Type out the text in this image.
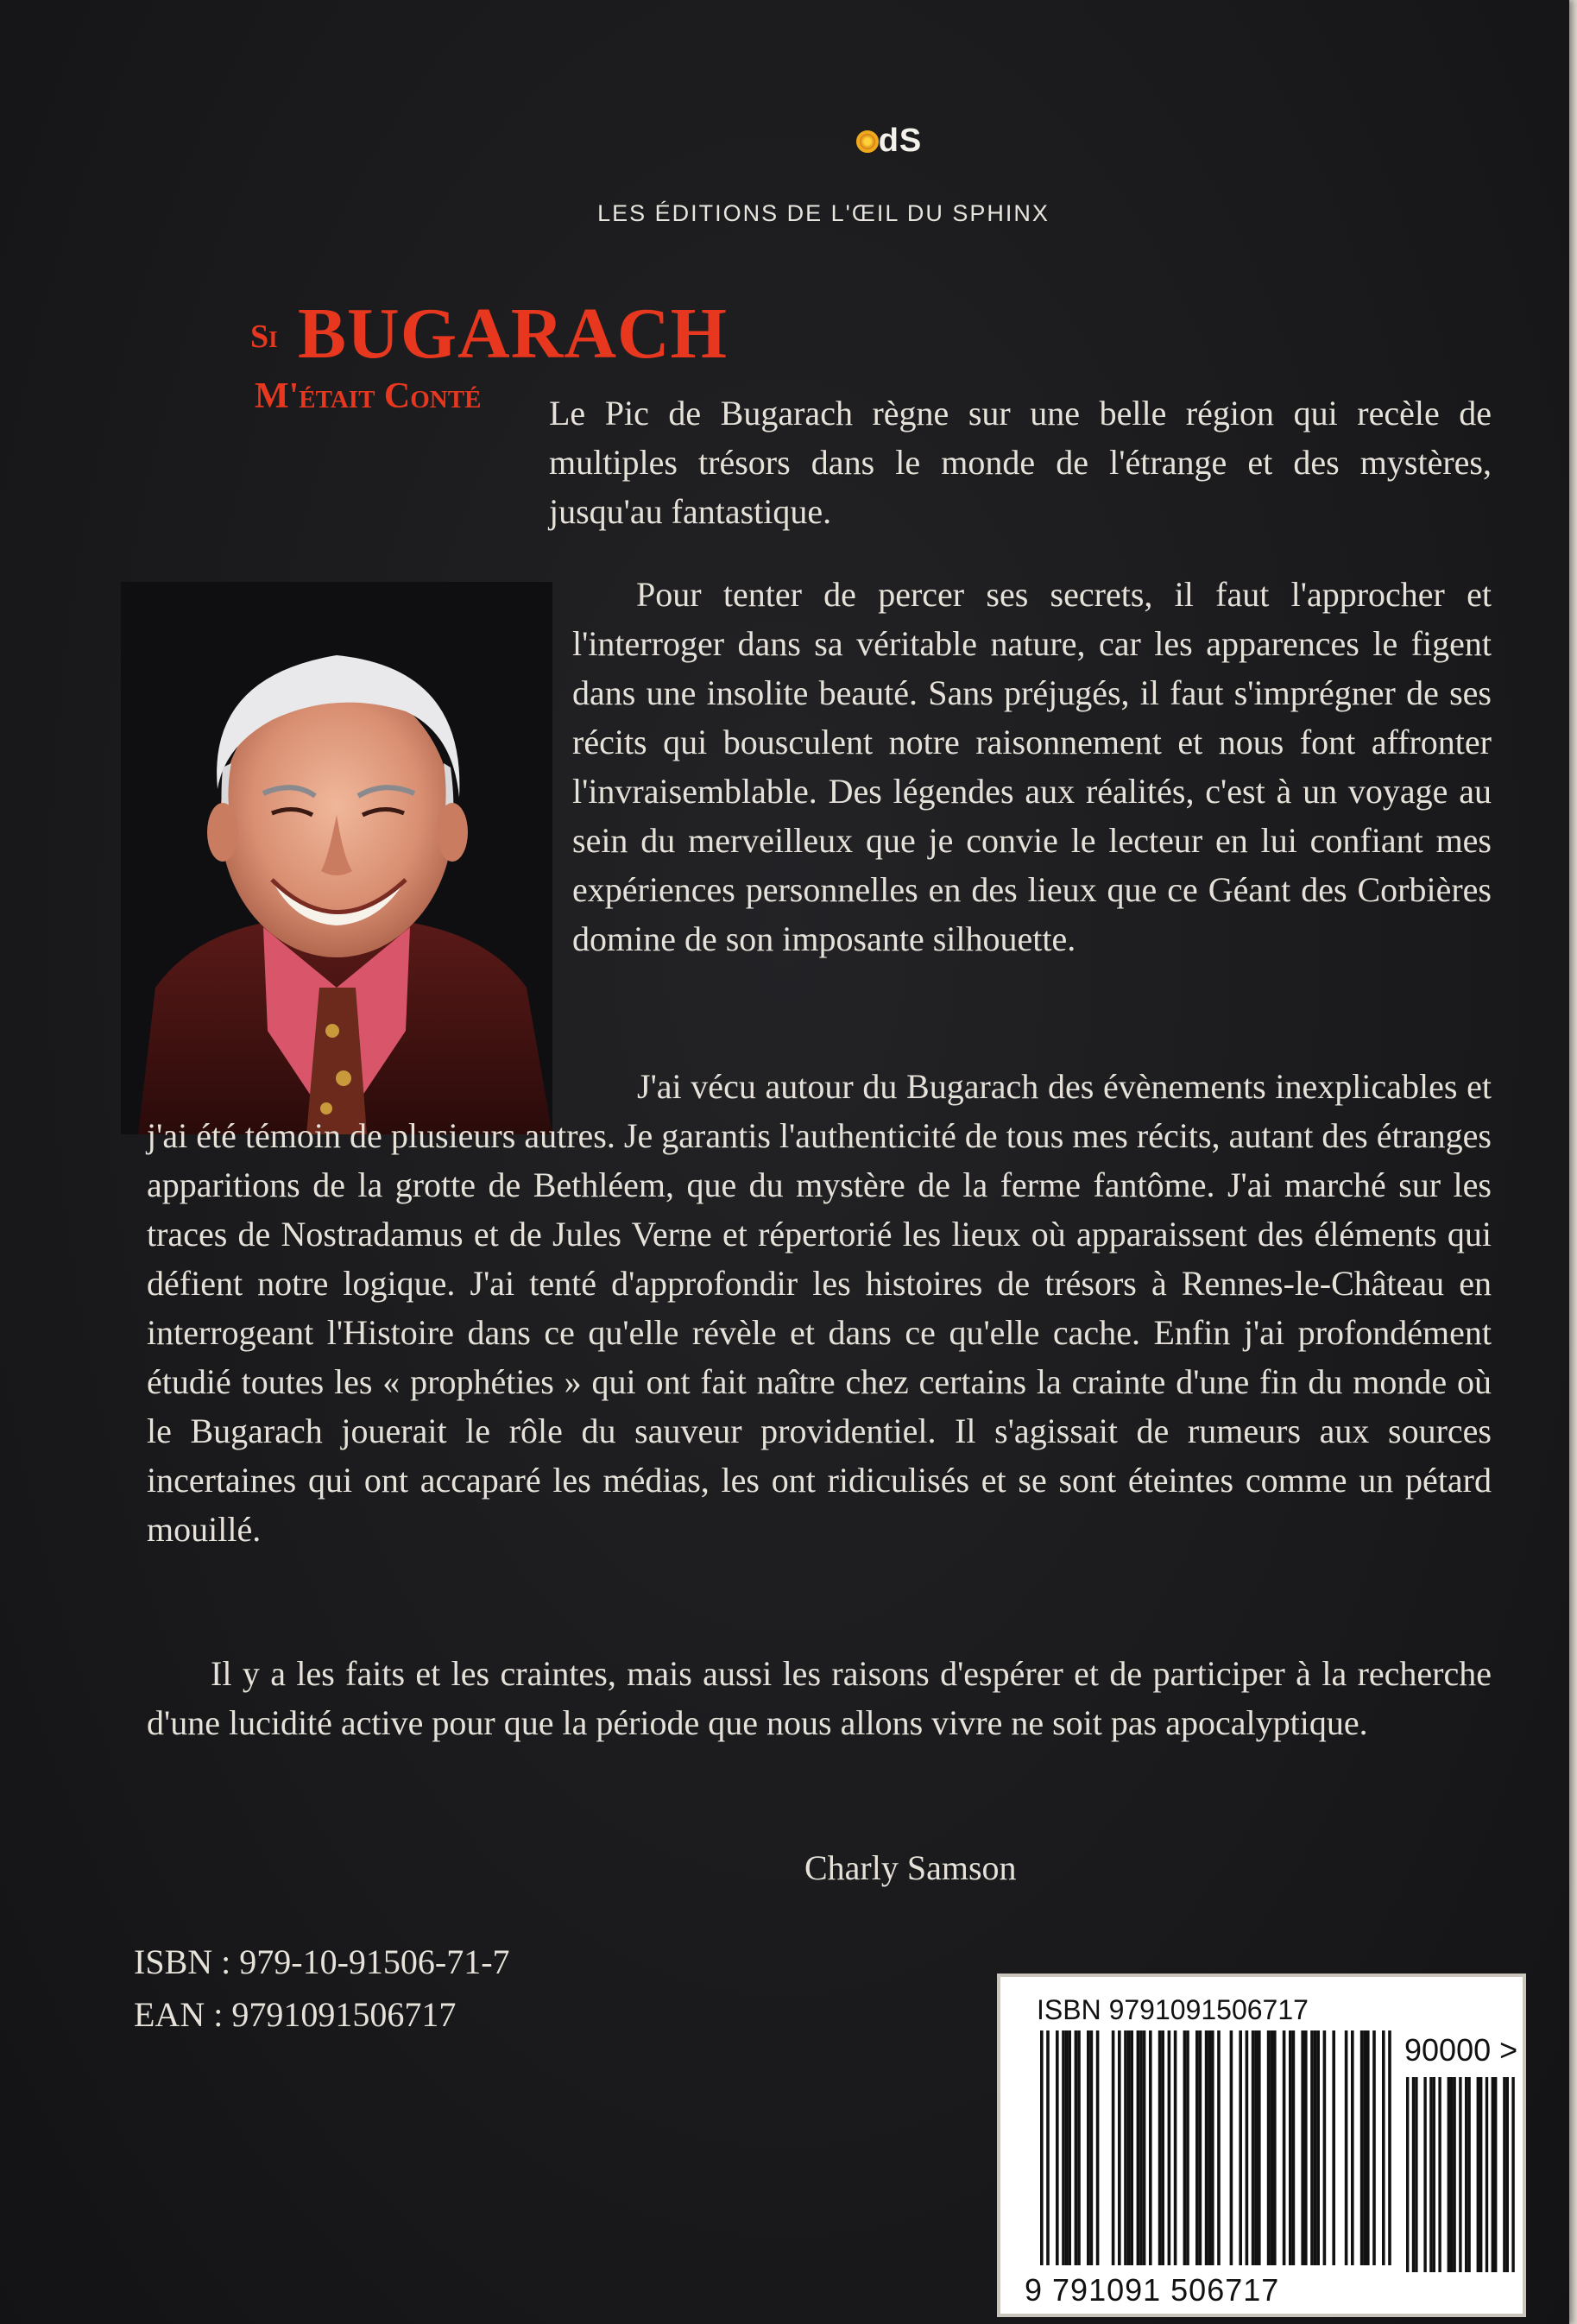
dS
LES ÉDITIONS DE L'ŒIL DU SPHINX
Si BUGARACH
M'était Conté Le Pic de Bugarach règne sur une belle région qui recèle de multiples trésors dans le monde de l'étrange et des mystères, jusqu'au fantastique.

Pour tenter de percer ses secrets, il faut l'approcher et l'interroger dans sa véritable nature, car les apparences le figent dans une insolite beauté. Sans préjugés, il faut s'imprégner de ses récits qui bousculent notre raisonnement et nous font affronter l'invraisemblable. Des légendes aux réalités, c'est à un voyage au sein du merveilleux que je convie le lecteur en lui confiant mes expériences personnelles en des lieux que ce Géant des Corbières domine de son imposante silhouette.

J'ai vécu autour du Bugarach des évènements inexplicables et j'ai été témoin de plusieurs autres. Je garantis l'authenticité de tous mes récits, autant des étranges apparitions de la grotte de Bethléem, que du mystère de la ferme fantôme. J'ai marché sur les traces de Nostradamus et de Jules Verne et répertorié les lieux où apparaissent des éléments qui défient notre logique. J'ai tenté d'approfondir les histoires de trésors à Rennes-le-Château en interrogeant l'Histoire dans ce qu'elle révèle et dans ce qu'elle cache. Enfin j'ai profondément étudié toutes les « prophéties » qui ont fait naître chez certains la crainte d'une fin du monde où le Bugarach jouerait le rôle du sauveur providentiel. Il s'agissait de rumeurs aux sources incertaines qui ont accaparé les médias, les ont ridiculisés et se sont éteintes comme un pétard mouillé.

Il y a les faits et les craintes, mais aussi les raisons d'espérer et de participer à la recherche d'une lucidité active pour que la période que nous allons vivre ne soit pas apocalyptique.

Charly Samson
ISBN : 979-10-91506-71-7
EAN : 9791091506717	ISBN 9791091506717
90000 >
9 791091 506717
